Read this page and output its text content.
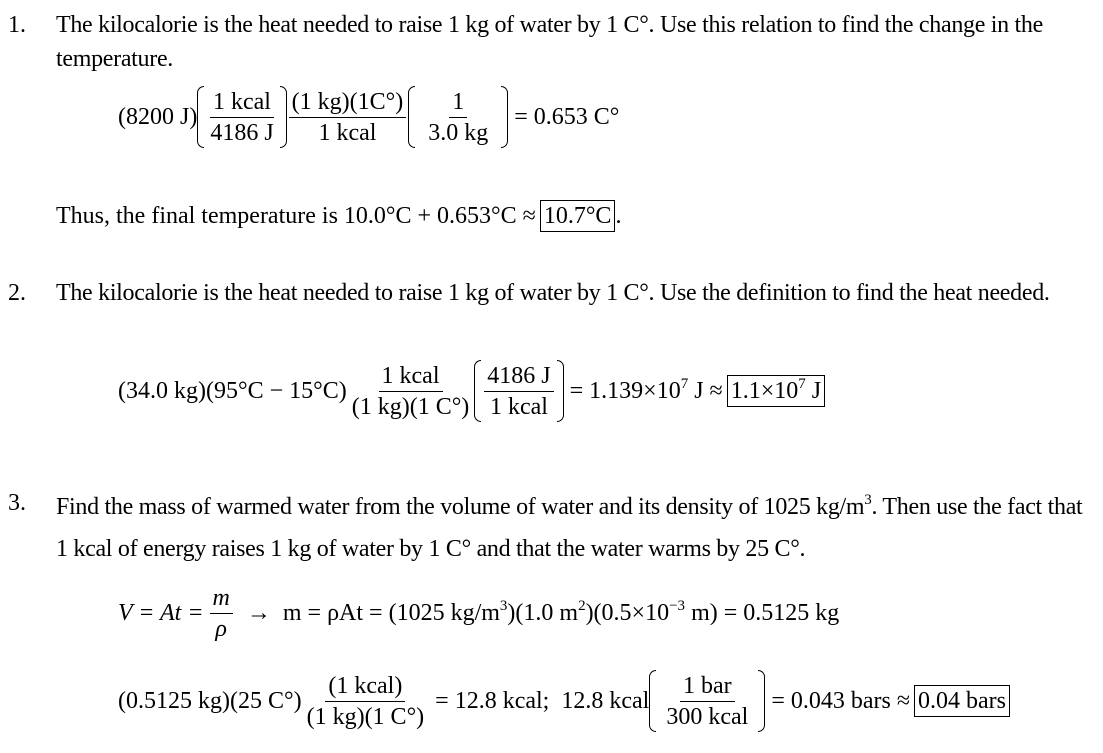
1. The kilocalorie is the heat needed to raise 1 kg of water by 1 C°. Use this relation to find the change in the temperature.

(8200 $J) \frac{\text{1 kcal}}{4186 J} \frac{(1 kg)(1C^\circ)}{\text{1 kcal}} \frac{1}{3.0 kg} = 0.653$ C°
Thus, the final temperature is 10.0°C + 0.653°C ≈ 10.7°C .
2. The kilocalorie is the heat needed to raise 1 kg of water by 1 C°. Use the definition to find the heat needed.

(34.0 $kg)(95^\circ C - 15^\circ C) \frac{\text{1 kcal}}{(1 kg)(1 C^\circ)} \frac{4186 J}{\text{1 kcal}} = 1.139\times 10^7$ $J \approx 1.1\times 10^7$ J
3. Find the mass of warmed water from the volume of water and its density of 1025 $kg/m^3$. Then use the fact that 1 kcal of energy raises 1 kg of water by 1 C° and that the water warms by 25 C°.

$V = At = \frac{m}{\rho} \to m = \rho At = (1025$ $kg/m^3)(1.0$ $m^2)(0.5\times 10^{-3}$ m) = 0.5125 kg
(0.5125 kg)(25 $C^\circ) \frac{\text{(1 kcal)}}{(1 kg)(1 C^\circ)} = 12.8$ kcal;  12.8 kcal $\frac{\text{1 bar}}{\text{300 kcal}} = 0.043$ bars ≈ 0.04 bars
